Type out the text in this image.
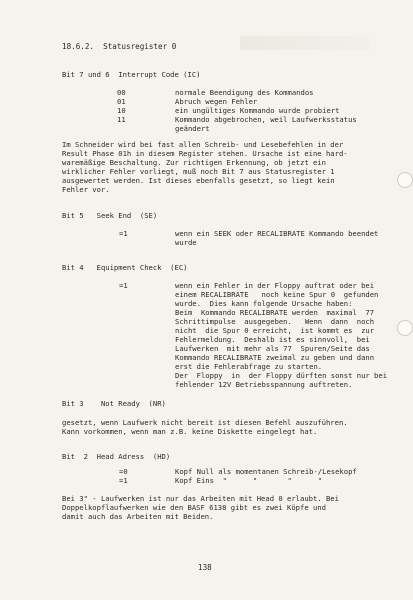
18.6.2.  Statusregister 0
Bit 7 und 6  Interrupt Code (IC)
00	normale Beendigung des Kommandos
01	Abruch wegen Fehler
10	ein ungültiges Kommando wurde probiert
11	Kommando abgebrochen, weil Laufwerksstatus
geändert
Im Schneider wird bei fast allen Schreib- und Lesebefehlen in der
Result Phase 01h in diesem Register stehen. Ursache ist eine hard-
waremäßige Beschaltung. Zur richtigen Erkennung, ob jetzt ein
wirklicher Fehler vorliegt, muß noch Bit 7 aus Statusregister 1
ausgewertet werden. Ist dieses ebenfalls gesetzt, so liegt kein
Fehler vor.
Bit 5   Seek End  (SE)
=1	wenn ein SEEK oder RECALIBRATE Kommando beendet
wurde
Bit 4   Equipment Check  (EC)
=1	wenn ein Fehler in der Floppy auftrat oder bei
einem RECALIBRATE   noch keine Spur 0  gefunden
wurde.  Dies kann folgende Ursache haben:
Beim  Kommando RECALIBRATE werden  maximal  77
Schrittimpulse  ausgegeben.   Wenn  dann  noch
nicht  die Spur 0 erreicht,  ist kommt es  zur
Fehlermeldung.  Deshalb ist es sinnvoll,  bei
Laufwerken  mit mehr als 77  Spuren/Seite das
Kommando RECALIBRATE zweimal zu geben und dann
erst die Fehlerabfrage zu starten.
Der  Floppy  in  der Floppy dürften sonst nur bei
fehlender 12V Betriebsspannung auftreten.
Bit 3    Not Ready  (NR)
gesetzt, wenn Laufwerk nicht bereit ist diesen Befehl auszuführen.
Kann vorkommen, wenn man z.B. keine Diskette eingelegt hat.
Bit  2  Head Adress  (HD)
=0	Kopf Null als momentanen Schreib-/Lesekopf
=1	Kopf Eins  "      "       "      "
Bei 3" - Laufwerken ist nur das Arbeiten mit Head 0 erlaubt. Bei
Doppelkopflaufwerken wie den BASF 6138 gibt es zwei Köpfe und
damit auch das Arbeiten mit Beiden.
138
